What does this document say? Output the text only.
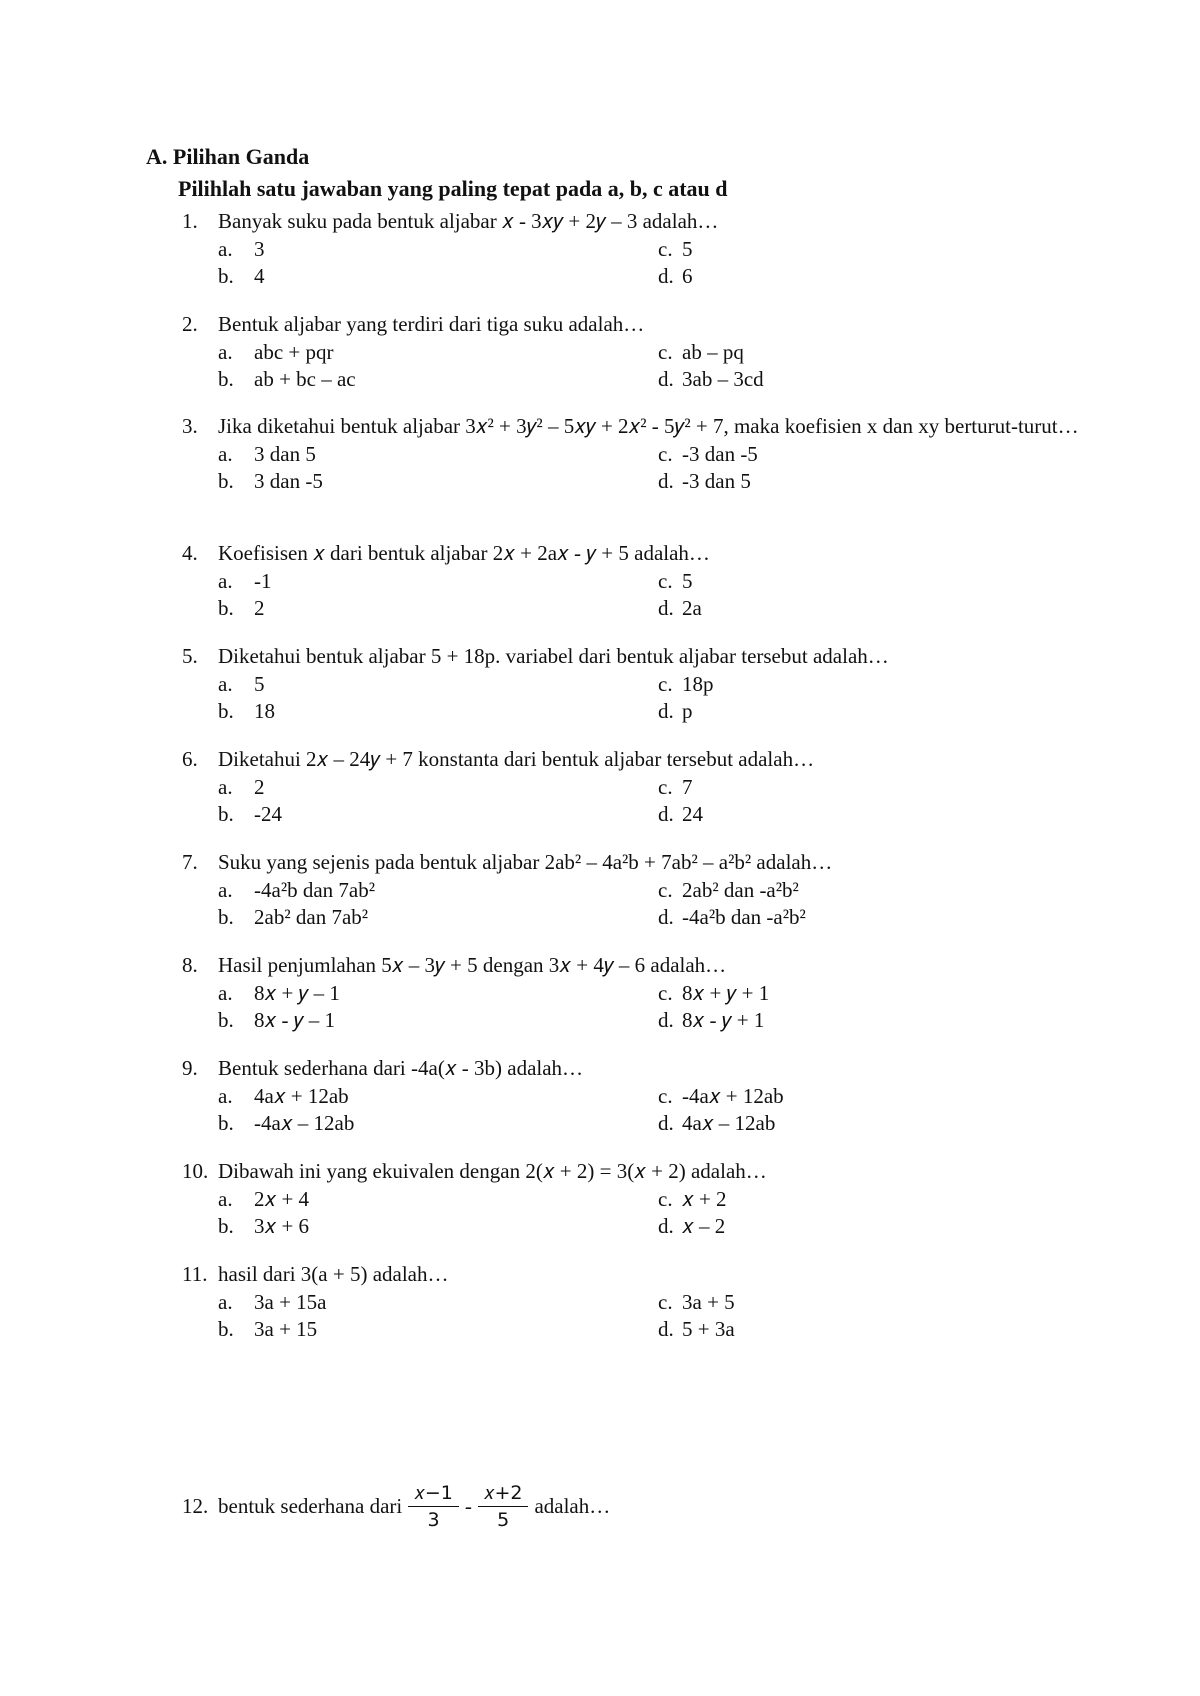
A. Pilihan Ganda
Pilihlah satu jawaban yang paling tepat pada a, b, c atau d
1. Banyak suku pada bentuk aljabar 𝑥 - 3𝑥𝑦 + 2𝑦 – 3 adalah…
a.	3	c. 5
b. 4	d. 6
2. Bentuk aljabar yang terdiri dari tiga suku adalah…
a.	abc + pqr	c. ab – pq
b. ab + bc – ac	d. 3ab – 3cd
3. Jika diketahui bentuk aljabar 3𝑥² + 3𝑦² – 5𝑥𝑦 + 2𝑥² - 5𝑦² + 7, maka koefisien x dan xy berturut-turut…
a.	3 dan 5	c. -3 dan -5
b. 3 dan -5	d. -3 dan 5
4. Koefisisen 𝑥 dari bentuk aljabar 2𝑥 + 2a𝑥 - 𝑦 + 5 adalah…
a.	-1	c. 5
b. 2	d. 2a
5. Diketahui bentuk aljabar 5 + 18p. variabel dari bentuk aljabar tersebut adalah…
a.	5	c. 18p
b. 18	d. p
6. Diketahui 2𝑥 – 24𝑦 + 7 konstanta dari bentuk aljabar tersebut adalah…
a.	2	c. 7
b. -24	d. 24
7. Suku yang sejenis pada bentuk aljabar 2ab² – 4a²b + 7ab² – a²b² adalah…
a.	-4a²b dan 7ab²	c. 2ab² dan -a²b²
b. 2ab² dan 7ab²	d. -4a²b dan -a²b²
8. Hasil penjumlahan 5𝑥 – 3𝑦 + 5 dengan 3𝑥 + 4𝑦 – 6 adalah…
a.	8𝑥 + 𝑦 – 1	c. 8𝑥 + 𝑦 + 1
b. 8𝑥 - 𝑦 – 1	d. 8𝑥 - 𝑦 + 1
9. Bentuk sederhana dari -4a(𝑥 - 3b) adalah…
a.	4a𝑥 + 12ab	c. -4a𝑥 + 12ab
b. -4a𝑥 – 12ab	d. 4a𝑥 – 12ab
10. Dibawah ini yang ekuivalen dengan 2(𝑥 + 2) = 3(𝑥 + 2) adalah…
a.	2𝑥 + 4	c. 𝑥 + 2
b. 3𝑥 + 6	d. 𝑥 – 2
11. hasil dari 3(a + 5) adalah…
a.	3a + 15a	c. 3a + 5
b. 3a + 15	d. 5 + 3a
12. bentuk sederhana dari $\frac{\text{𝑥−1}}{3} - \frac{\text{𝑥+2}}{5}$ adalah…
